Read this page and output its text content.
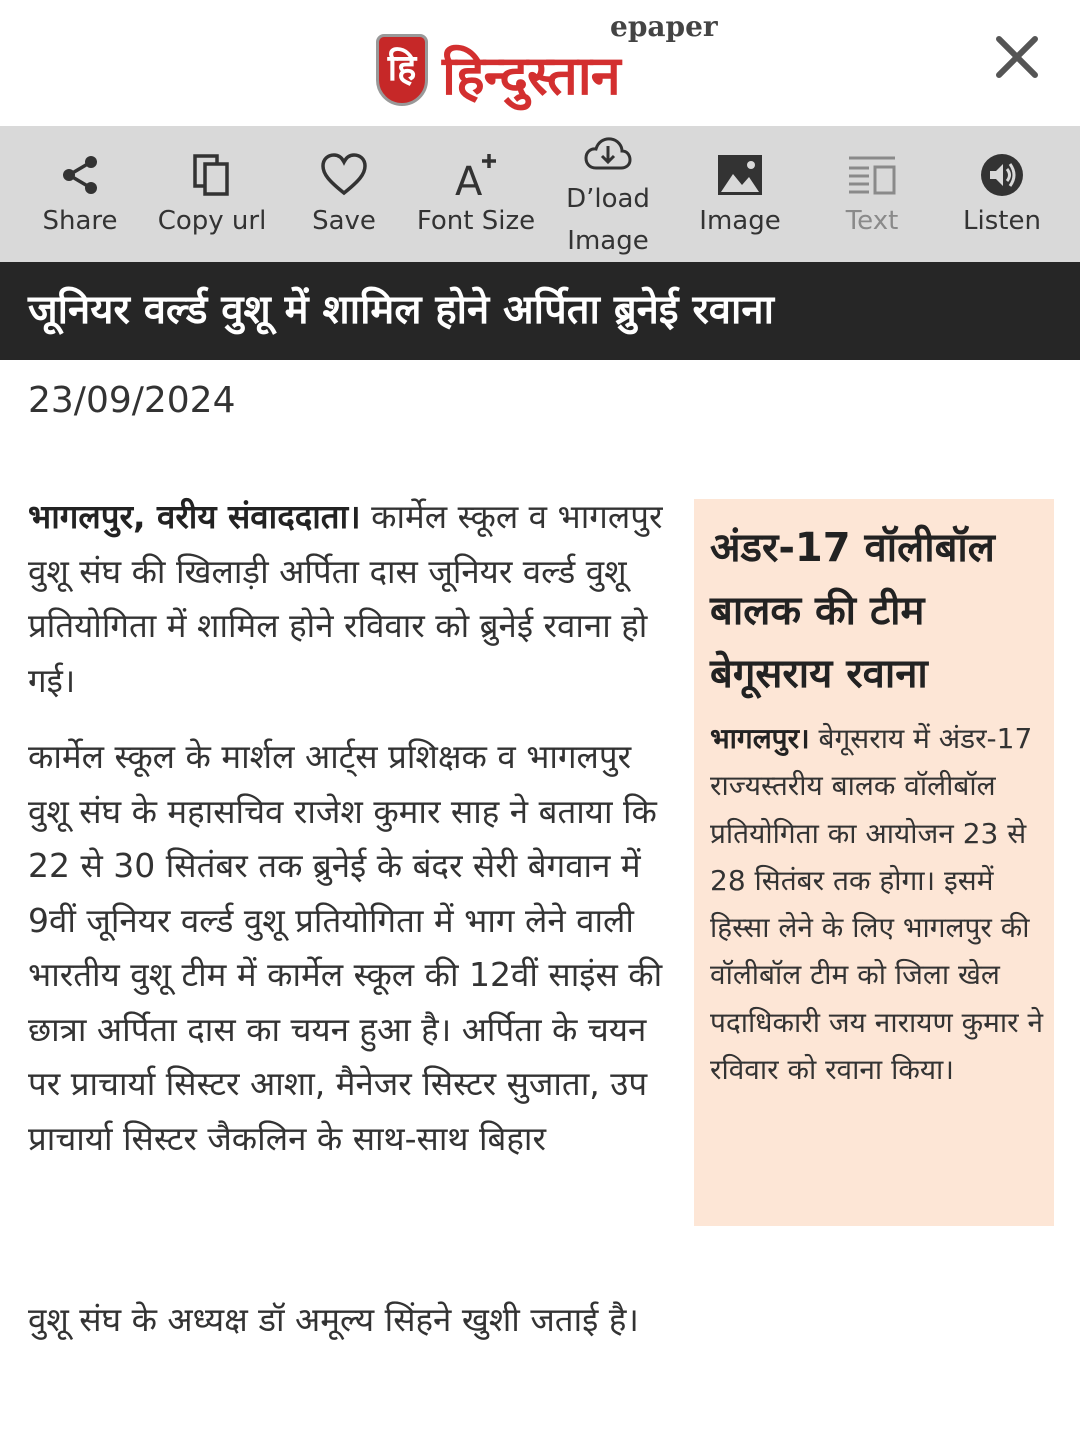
हि हिन्दुस्तान
epaper
Share	Copy url	Save
A
Font Size
D’load
Image
Image	Text	Listen
जूनियर वर्ल्ड वुशू में शामिल होने अर्पिता ब्रुनेई रवाना
23/09/2024

भागलपुर, वरीय संवाददाता। कार्मेल स्कूल व भागलपुर वुशू संघ की खिलाड़ी अर्पिता दास जूनियर वर्ल्ड वुशू प्रतियोगिता में शामिल होने रविवार को ब्रुनेई रवाना हो गई।

कार्मेल स्कूल के मार्शल आर्ट्स प्रशिक्षक व भागलपुर वुशू संघ के महासचिव राजेश कुमार साह ने बताया कि 22 से 30 सितंबर तक ब्रुनेई के बंदर सेरी बेगवान में 9वीं जूनियर वर्ल्ड वुशू प्रतियोगिता में भाग लेने वाली भारतीय वुशू टीम में कार्मेल स्कूल की 12वीं साइंस की छात्रा अर्पिता दास का चयन हुआ है। अर्पिता के चयन पर प्राचार्या सिस्टर आशा, मैनेजर सिस्टर सुजाता, उप प्राचार्या सिस्टर जैकलिन के साथ-साथ बिहार

वुशू संघ के अध्यक्ष डॉ अमूल्य सिंहने खुशी जताई है।
अंडर-17 वॉलीबॉल बालक की टीम बेगूसराय रवाना

भागलपुर। बेगूसराय में अंडर-17 राज्यस्तरीय बालक वॉलीबॉल प्रतियोगिता का आयोजन 23 से 28 सितंबर तक होगा। इसमें हिस्सा लेने के लिए भागलपुर की वॉलीबॉल टीम को जिला खेल पदाधिकारी जय नारायण कुमार ने रविवार को रवाना किया।
